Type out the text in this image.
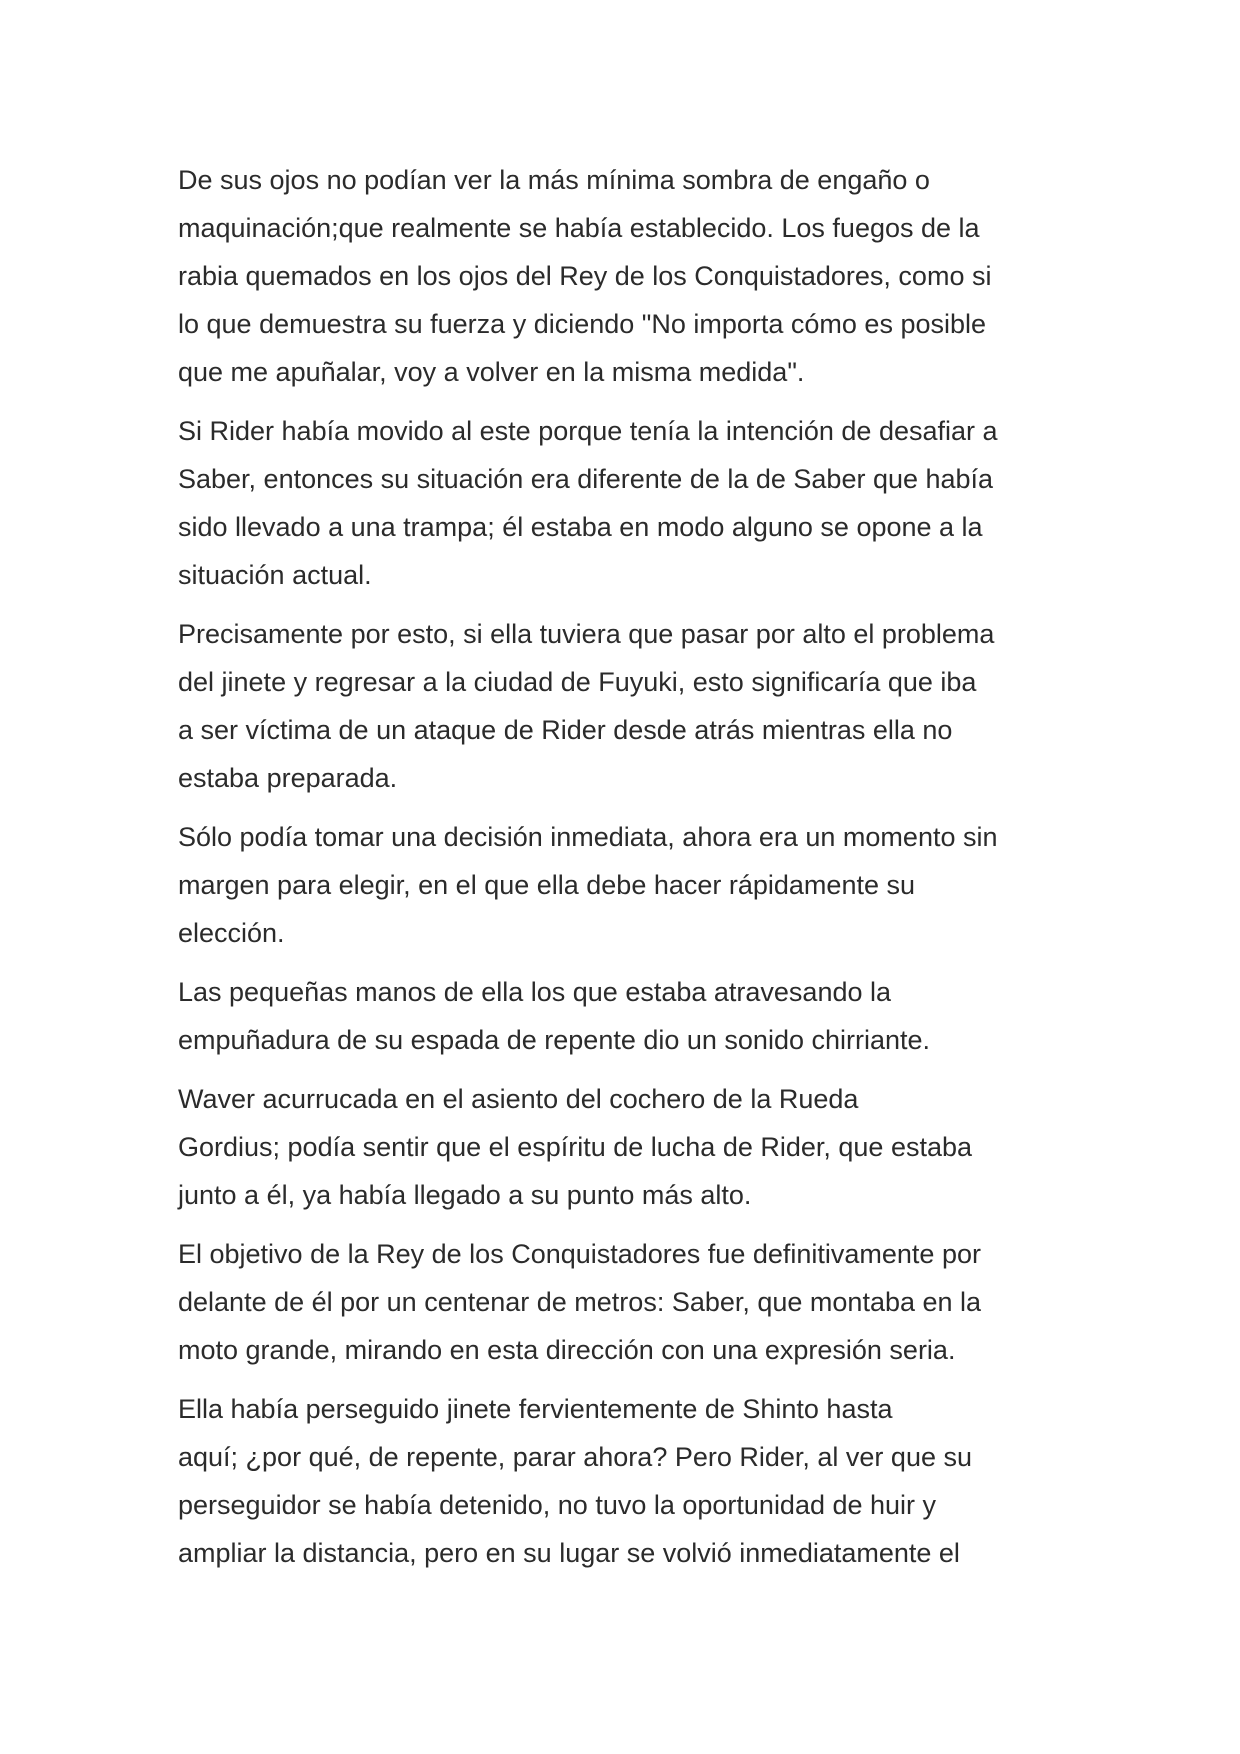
De sus ojos no podían ver la más mínima sombra de engaño o
maquinación;que realmente se había establecido. Los fuegos de la
rabia quemados en los ojos del Rey de los Conquistadores, como si
lo que demuestra su fuerza y diciendo "No importa cómo es posible
que me apuñalar, voy a volver en la misma medida".

Si Rider había movido al este porque tenía la intención de desafiar a
Saber, entonces su situación era diferente de la de Saber que había
sido llevado a una trampa; él estaba en modo alguno se opone a la
situación actual.

Precisamente por esto, si ella tuviera que pasar por alto el problema
del jinete y regresar a la ciudad de Fuyuki, esto significaría que iba
a ser víctima de un ataque de Rider desde atrás mientras ella no
estaba preparada.

Sólo podía tomar una decisión inmediata, ahora era un momento sin
margen para elegir, en el que ella debe hacer rápidamente su
elección.

Las pequeñas manos de ella los que estaba atravesando la
empuñadura de su espada de repente dio un sonido chirriante.

Waver acurrucada en el asiento del cochero de la Rueda
Gordius; podía sentir que el espíritu de lucha de Rider, que estaba
junto a él, ya había llegado a su punto más alto.

El objetivo de la Rey de los Conquistadores fue definitivamente por
delante de él por un centenar de metros: Saber, que montaba en la
moto grande, mirando en esta dirección con una expresión seria.

Ella había perseguido jinete fervientemente de Shinto hasta
aquí; ¿por qué, de repente, parar ahora? Pero Rider, al ver que su
perseguidor se había detenido, no tuvo la oportunidad de huir y
ampliar la distancia, pero en su lugar se volvió inmediatamente el
